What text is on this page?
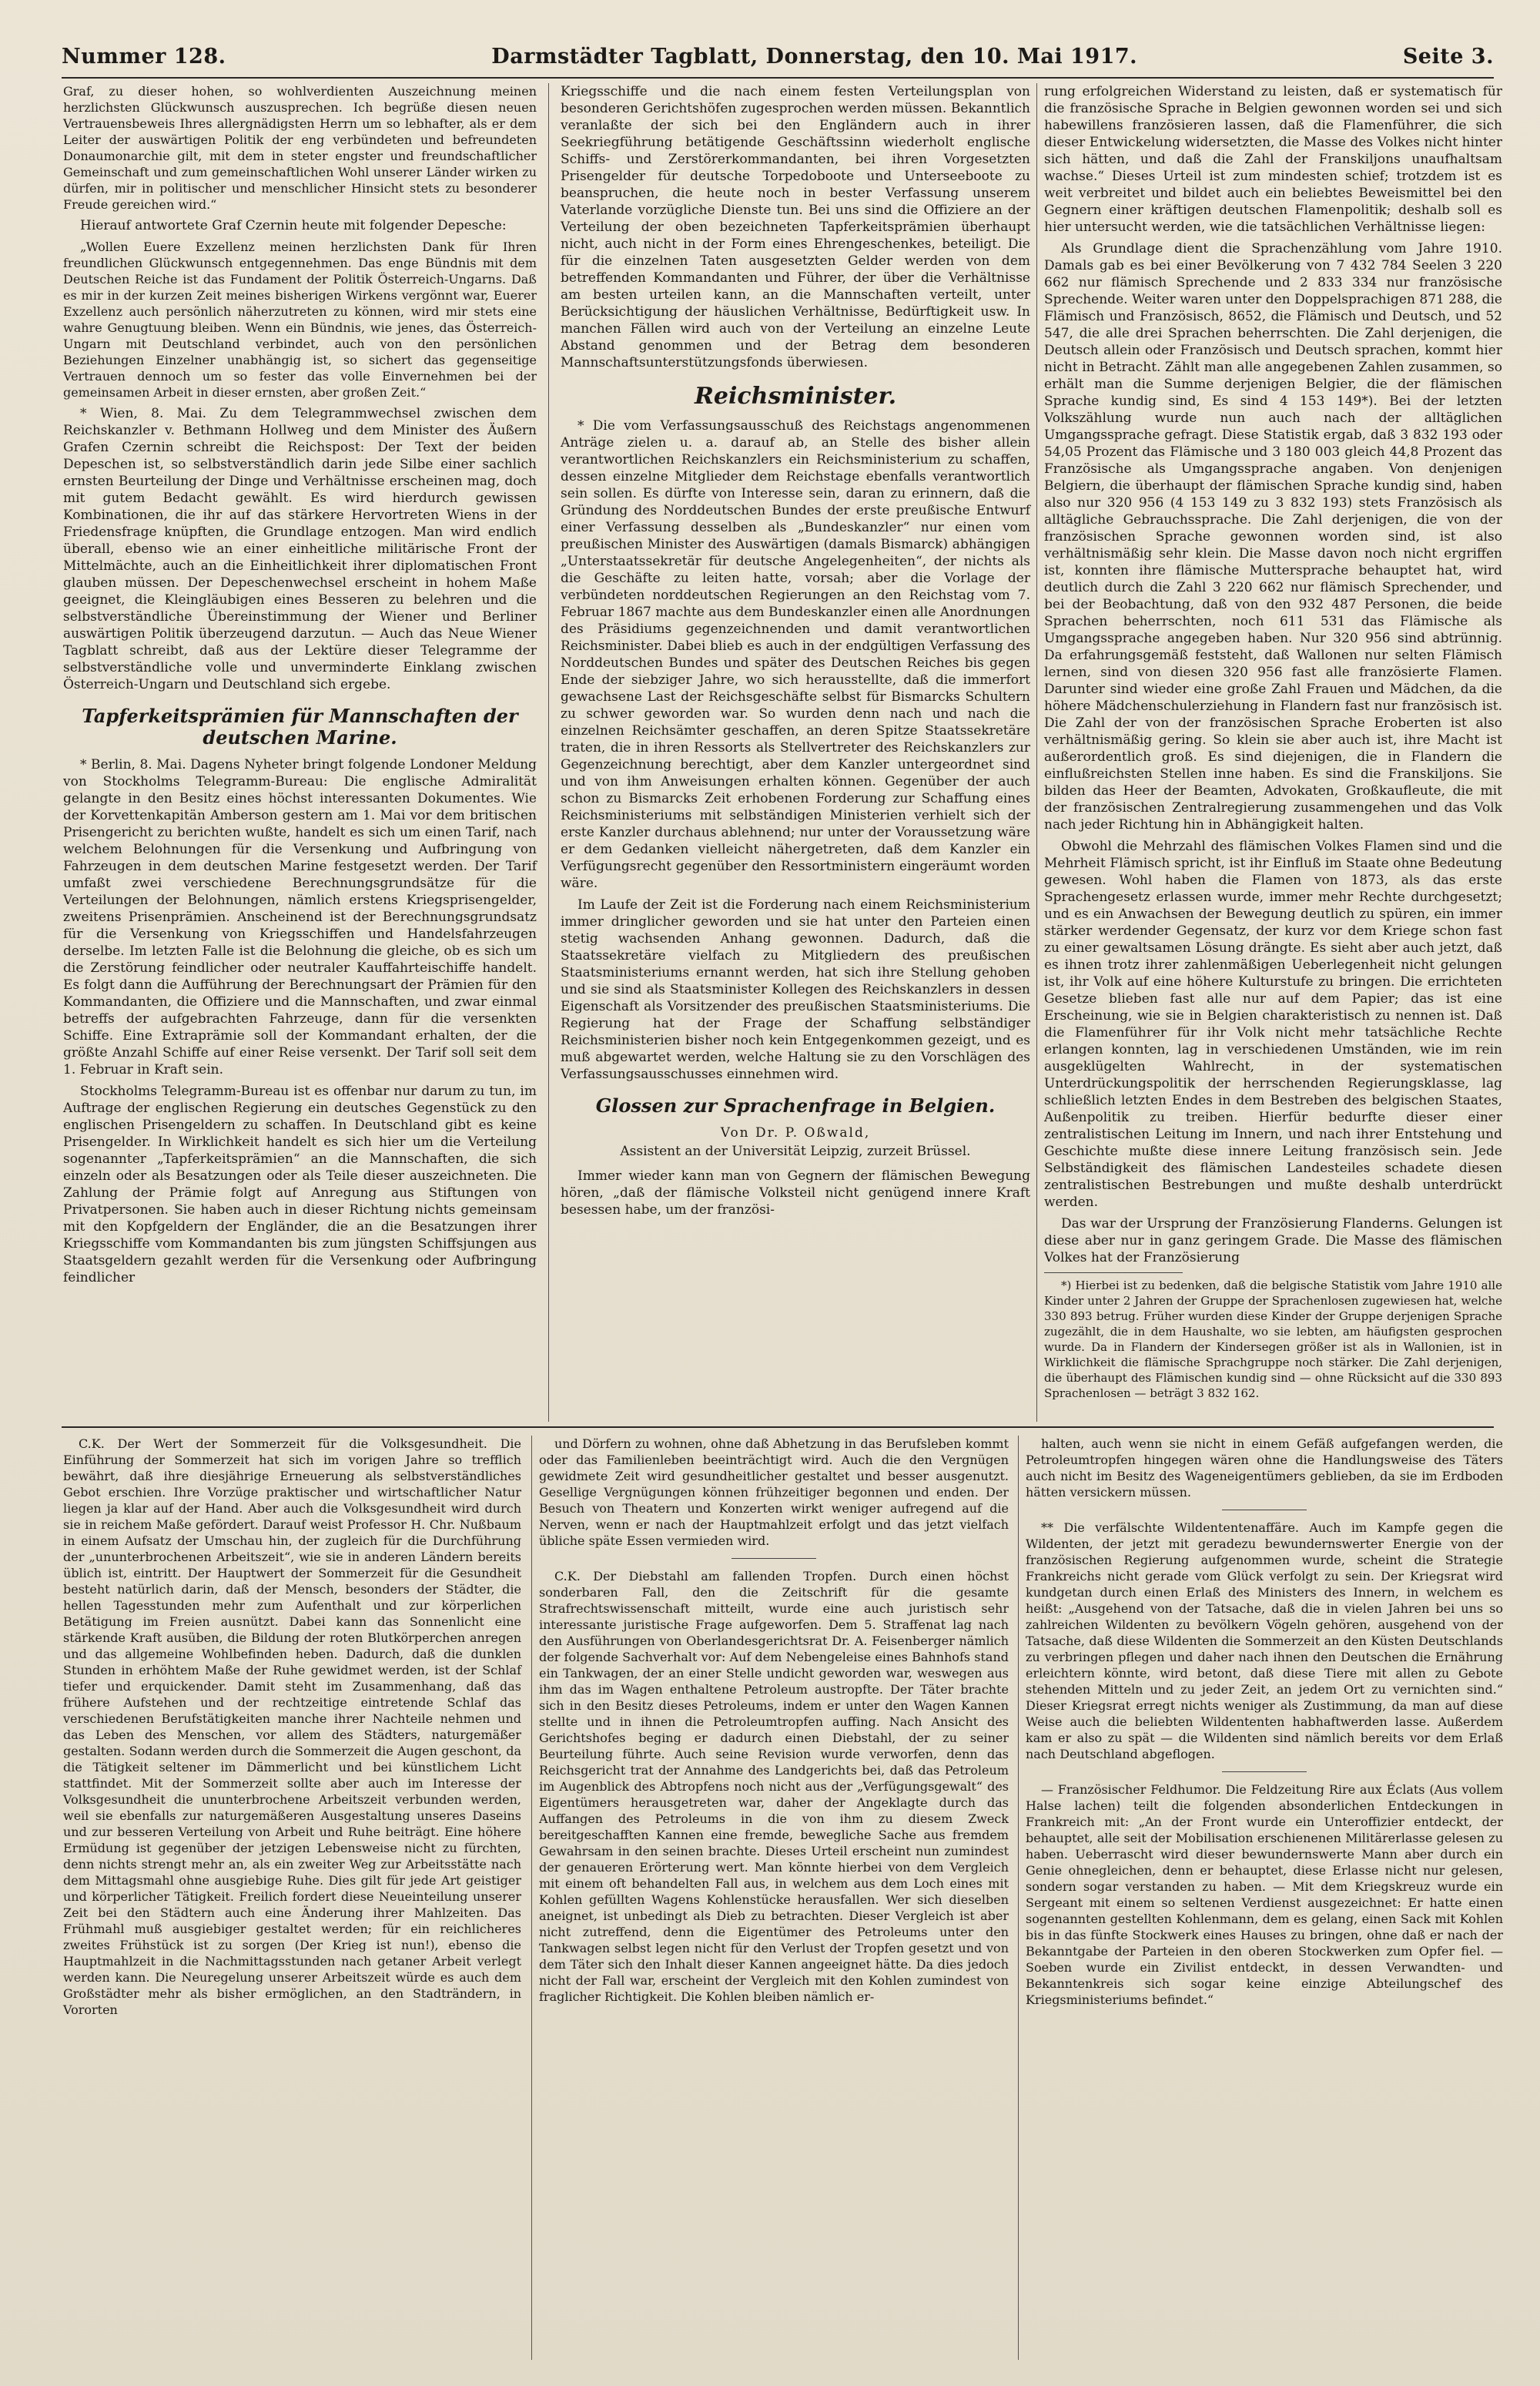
Nummer 128.	Darmstädter Tagblatt, Donnerstag, den 10. Mai 1917.	Seite 3.

Graf, zu dieser hohen, so wohlverdienten Auszeichnung meinen herzlichsten Glückwunsch auszusprechen. Ich begrüße diesen neuen Vertrauensbeweis Ihres allergnädigsten Herrn um so lebhafter, als er dem Leiter der auswärtigen Politik der eng verbündeten und befreundeten Donaumonarchie gilt, mit dem in steter engster und freundschaftlicher Gemeinschaft und zum gemeinschaftlichen Wohl unserer Länder wirken zu dürfen, mir in politischer und menschlicher Hinsicht stets zu besonderer Freude gereichen wird.“

Hierauf antwortete Graf Czernin heute mit folgender Depesche:

„Wollen Euere Exzellenz meinen herzlichsten Dank für Ihren freundlichen Glückwunsch entgegennehmen. Das enge Bündnis mit dem Deutschen Reiche ist das Fundament der Politik Österreich-Ungarns. Daß es mir in der kurzen Zeit meines bisherigen Wirkens vergönnt war, Euerer Exzellenz auch persönlich näherzutreten zu können, wird mir stets eine wahre Genugtuung bleiben. Wenn ein Bündnis, wie jenes, das Österreich-Ungarn mit Deutschland verbindet, auch von den persönlichen Beziehungen Einzelner unabhängig ist, so sichert das gegenseitige Vertrauen dennoch um so fester das volle Einvernehmen bei der gemeinsamen Arbeit in dieser ernsten, aber großen Zeit.“

* Wien, 8. Mai. Zu dem Telegrammwechsel zwischen dem Reichskanzler v. Bethmann Hollweg und dem Minister des Äußern Grafen Czernin schreibt die Reichspost: Der Text der beiden Depeschen ist, so selbstverständlich darin jede Silbe einer sachlich ernsten Beurteilung der Dinge und Verhältnisse erscheinen mag, doch mit gutem Bedacht gewählt. Es wird hierdurch gewissen Kombinationen, die ihr auf das stärkere Hervortreten Wiens in der Friedensfrage knüpften, die Grundlage entzogen. Man wird endlich überall, ebenso wie an einer einheitliche militärische Front der Mittelmächte, auch an die Einheitlichkeit ihrer diplomatischen Front glauben müssen. Der Depeschenwechsel erscheint in hohem Maße geeignet, die Kleingläubigen eines Besseren zu belehren und die selbstverständliche Übereinstimmung der Wiener und Berliner auswärtigen Politik überzeugend darzutun. — Auch das Neue Wiener Tagblatt schreibt, daß aus der Lektüre dieser Telegramme der selbstverständliche volle und unverminderte Einklang zwischen Österreich-Ungarn und Deutschland sich ergebe.

Tapferkeitsprämien für Mannschaften der deutschen Marine.

* Berlin, 8. Mai. Dagens Nyheter bringt folgende Londoner Meldung von Stockholms Telegramm-Bureau: Die englische Admiralität gelangte in den Besitz eines höchst interessanten Dokumentes. Wie der Korvettenkapitän Amberson gestern am 1. Mai vor dem britischen Prisengericht zu berichten wußte, handelt es sich um einen Tarif, nach welchem Belohnungen für die Versenkung und Aufbringung von Fahrzeugen in dem deutschen Marine festgesetzt werden. Der Tarif umfaßt zwei verschiedene Berechnungsgrundsätze für die Verteilungen der Belohnungen, nämlich erstens Kriegsprisengelder, zweitens Prisenprämien. Anscheinend ist der Berechnungsgrundsatz für die Versenkung von Kriegsschiffen und Handelsfahrzeugen derselbe. Im letzten Falle ist die Belohnung die gleiche, ob es sich um die Zerstörung feindlicher oder neutraler Kauffahrteischiffe handelt. Es folgt dann die Aufführung der Berechnungsart der Prämien für den Kommandanten, die Offiziere und die Mannschaften, und zwar einmal betreffs der aufgebrachten Fahrzeuge, dann für die versenkten Schiffe. Eine Extraprämie soll der Kommandant erhalten, der die größte Anzahl Schiffe auf einer Reise versenkt. Der Tarif soll seit dem 1. Februar in Kraft sein.

Stockholms Telegramm-Bureau ist es offenbar nur darum zu tun, im Auftrage der englischen Regierung ein deutsches Gegenstück zu den englischen Prisengeldern zu schaffen. In Deutschland gibt es keine Prisengelder. In Wirklichkeit handelt es sich hier um die Verteilung sogenannter „Tapferkeitsprämien“ an die Mannschaften, die sich einzeln oder als Besatzungen oder als Teile dieser auszeichneten. Die Zahlung der Prämie folgt auf Anregung aus Stiftungen von Privatpersonen. Sie haben auch in dieser Richtung nichts gemeinsam mit den Kopfgeldern der Engländer, die an die Besatzungen ihrer Kriegsschiffe vom Kommandanten bis zum jüngsten Schiffsjungen aus Staatsgeldern gezahlt werden für die Versenkung oder Aufbringung feindlicher

Kriegsschiffe und die nach einem festen Verteilungsplan von besonderen Gerichtshöfen zugesprochen werden müssen. Bekanntlich veranlaßte der sich bei den Engländern auch in ihrer Seekriegführung betätigende Geschäftssinn wiederholt englische Schiffs- und Zerstörerkommandanten, bei ihren Vorgesetzten Prisengelder für deutsche Torpedoboote und Unterseeboote zu beanspruchen, die heute noch in bester Verfassung unserem Vaterlande vorzügliche Dienste tun. Bei uns sind die Offiziere an der Verteilung der oben bezeichneten Tapferkeitsprämien überhaupt nicht, auch nicht in der Form eines Ehrengeschenkes, beteiligt. Die für die einzelnen Taten ausgesetzten Gelder werden von dem betreffenden Kommandanten und Führer, der über die Verhältnisse am besten urteilen kann, an die Mannschaften verteilt, unter Berücksichtigung der häuslichen Verhältnisse, Bedürftigkeit usw. In manchen Fällen wird auch von der Verteilung an einzelne Leute Abstand genommen und der Betrag dem besonderen Mannschaftsunterstützungsfonds überwiesen.

Reichsminister.

* Die vom Verfassungsausschuß des Reichstags angenommenen Anträge zielen u. a. darauf ab, an Stelle des bisher allein verantwortlichen Reichskanzlers ein Reichsministerium zu schaffen, dessen einzelne Mitglieder dem Reichstage ebenfalls verantwortlich sein sollen. Es dürfte von Interesse sein, daran zu erinnern, daß die Gründung des Norddeutschen Bundes der erste preußische Entwurf einer Verfassung desselben als „Bundeskanzler“ nur einen vom preußischen Minister des Auswärtigen (damals Bismarck) abhängigen „Unterstaatssekretär für deutsche Angelegenheiten“, der nichts als die Geschäfte zu leiten hatte, vorsah; aber die Vorlage der verbündeten norddeutschen Regierungen an den Reichstag vom 7. Februar 1867 machte aus dem Bundeskanzler einen alle Anordnungen des Präsidiums gegenzeichnenden und damit verantwortlichen Reichsminister. Dabei blieb es auch in der endgültigen Verfassung des Norddeutschen Bundes und später des Deutschen Reiches bis gegen Ende der siebziger Jahre, wo sich herausstellte, daß die immerfort gewachsene Last der Reichsgeschäfte selbst für Bismarcks Schultern zu schwer geworden war. So wurden denn nach und nach die einzelnen Reichsämter geschaffen, an deren Spitze Staatssekretäre traten, die in ihren Ressorts als Stellvertreter des Reichskanzlers zur Gegenzeichnung berechtigt, aber dem Kanzler untergeordnet sind und von ihm Anweisungen erhalten können. Gegenüber der auch schon zu Bismarcks Zeit erhobenen Forderung zur Schaffung eines Reichsministeriums mit selbständigen Ministerien verhielt sich der erste Kanzler durchaus ablehnend; nur unter der Voraussetzung wäre er dem Gedanken vielleicht nähergetreten, daß dem Kanzler ein Verfügungsrecht gegenüber den Ressortministern eingeräumt worden wäre.

Im Laufe der Zeit ist die Forderung nach einem Reichsministerium immer dringlicher geworden und sie hat unter den Parteien einen stetig wachsenden Anhang gewonnen. Dadurch, daß die Staatssekretäre vielfach zu Mitgliedern des preußischen Staatsministeriums ernannt werden, hat sich ihre Stellung gehoben und sie sind als Staatsminister Kollegen des Reichskanzlers in dessen Eigenschaft als Vorsitzender des preußischen Staatsministeriums. Die Regierung hat der Frage der Schaffung selbständiger Reichsministerien bisher noch kein Entgegenkommen gezeigt, und es muß abgewartet werden, welche Haltung sie zu den Vorschlägen des Verfassungsausschusses einnehmen wird.

Glossen zur Sprachenfrage in Belgien.

Von Dr. P. Oßwald,

Assistent an der Universität Leipzig, zurzeit Brüssel.

Immer wieder kann man von Gegnern der flämischen Bewegung hören, „daß der flämische Volksteil nicht genügend innere Kraft besessen habe, um der französi-

rung erfolgreichen Widerstand zu leisten, daß er systematisch für die französische Sprache in Belgien gewonnen worden sei und sich habewillens französieren lassen, daß die Flamenführer, die sich dieser Entwickelung widersetzten, die Masse des Volkes nicht hinter sich hätten, und daß die Zahl der Franskiljons unaufhaltsam wachse.“ Dieses Urteil ist zum mindesten schief; trotzdem ist es weit verbreitet und bildet auch ein beliebtes Beweismittel bei den Gegnern einer kräftigen deutschen Flamenpolitik; deshalb soll es hier untersucht werden, wie die tatsächlichen Verhältnisse liegen:

Als Grundlage dient die Sprachenzählung vom Jahre 1910. Damals gab es bei einer Bevölkerung von 7 432 784 Seelen 3 220 662 nur flämisch Sprechende und 2 833 334 nur französische Sprechende. Weiter waren unter den Doppelsprachigen 871 288, die Flämisch und Französisch, 8652, die Flämisch und Deutsch, und 52 547, die alle drei Sprachen beherrschten. Die Zahl derjenigen, die Deutsch allein oder Französisch und Deutsch sprachen, kommt hier nicht in Betracht. Zählt man alle angegebenen Zahlen zusammen, so erhält man die Summe derjenigen Belgier, die der flämischen Sprache kundig sind, Es sind 4 153 149*). Bei der letzten Volkszählung wurde nun auch nach der alltäglichen Umgangssprache gefragt. Diese Statistik ergab, daß 3 832 193 oder 54,05 Prozent das Flämische und 3 180 003 gleich 44,8 Prozent das Französische als Umgangssprache angaben. Von denjenigen Belgiern, die überhaupt der flämischen Sprache kundig sind, haben also nur 320 956 (4 153 149 zu 3 832 193) stets Französisch als alltägliche Gebrauchssprache. Die Zahl derjenigen, die von der französischen Sprache gewonnen worden sind, ist also verhältnismäßig sehr klein. Die Masse davon noch nicht ergriffen ist, konnten ihre flämische Muttersprache behauptet hat, wird deutlich durch die Zahl 3 220 662 nur flämisch Sprechender, und bei der Beobachtung, daß von den 932 487 Personen, die beide Sprachen beherrschten, noch 611 531 das Flämische als Umgangssprache angegeben haben. Nur 320 956 sind abtrünnig. Da erfahrungsgemäß feststeht, daß Wallonen nur selten Flämisch lernen, sind von diesen 320 956 fast alle französierte Flamen. Darunter sind wieder eine große Zahl Frauen und Mädchen, da die höhere Mädchenschulerziehung in Flandern fast nur französisch ist. Die Zahl der von der französischen Sprache Eroberten ist also verhältnismäßig gering. So klein sie aber auch ist, ihre Macht ist außerordentlich groß. Es sind diejenigen, die in Flandern die einflußreichsten Stellen inne haben. Es sind die Franskiljons. Sie bilden das Heer der Beamten, Advokaten, Großkaufleute, die mit der französischen Zentralregierung zusammengehen und das Volk nach jeder Richtung hin in Abhängigkeit halten.

Obwohl die Mehrzahl des flämischen Volkes Flamen sind und die Mehrheit Flämisch spricht, ist ihr Einfluß im Staate ohne Bedeutung gewesen. Wohl haben die Flamen von 1873, als das erste Sprachengesetz erlassen wurde, immer mehr Rechte durchgesetzt; und es ein Anwachsen der Bewegung deutlich zu spüren, ein immer stärker werdender Gegensatz, der kurz vor dem Kriege schon fast zu einer gewaltsamen Lösung drängte. Es sieht aber auch jetzt, daß es ihnen trotz ihrer zahlenmäßigen Ueberlegenheit nicht gelungen ist, ihr Volk auf eine höhere Kulturstufe zu bringen. Die errichteten Gesetze blieben fast alle nur auf dem Papier; das ist eine Erscheinung, wie sie in Belgien charakteristisch zu nennen ist. Daß die Flamenführer für ihr Volk nicht mehr tatsächliche Rechte erlangen konnten, lag in verschiedenen Umständen, wie im rein ausgeklügelten Wahlrecht, in der systematischen Unterdrückungspolitik der herrschenden Regierungsklasse, lag schließlich letzten Endes in dem Bestreben des belgischen Staates, Außenpolitik zu treiben. Hierfür bedurfte dieser einer zentralistischen Leitung im Innern, und nach ihrer Entstehung und Geschichte mußte diese innere Leitung französisch sein. Jede Selbständigkeit des flämischen Landesteiles schadete diesen zentralistischen Bestrebungen und mußte deshalb unterdrückt werden.

Das war der Ursprung der Französierung Flanderns. Gelungen ist diese aber nur in ganz geringem Grade. Die Masse des flämischen Volkes hat der Französierung

*) Hierbei ist zu bedenken, daß die belgische Statistik vom Jahre 1910 alle Kinder unter 2 Jahren der Gruppe der Sprachenlosen zugewiesen hat, welche 330 893 betrug. Früher wurden diese Kinder der Gruppe derjenigen Sprache zugezählt, die in dem Haushalte, wo sie lebten, am häufigsten gesprochen wurde. Da in Flandern der Kindersegen größer ist als in Wallonien, ist in Wirklichkeit die flämische Sprachgruppe noch stärker. Die Zahl derjenigen, die überhaupt des Flämischen kundig sind — ohne Rücksicht auf die 330 893 Sprachenlosen — beträgt 3 832 162.

C.K. Der Wert der Sommerzeit für die Volksgesundheit. Die Einführung der Sommerzeit hat sich im vorigen Jahre so trefflich bewährt, daß ihre diesjährige Erneuerung als selbstverständliches Gebot erschien. Ihre Vorzüge praktischer und wirtschaftlicher Natur liegen ja klar auf der Hand. Aber auch die Volksgesundheit wird durch sie in reichem Maße gefördert. Darauf weist Professor H. Chr. Nußbaum in einem Aufsatz der Umschau hin, der zugleich für die Durchführung der „ununterbrochenen Arbeitszeit“, wie sie in anderen Ländern bereits üblich ist, eintritt. Der Hauptwert der Sommerzeit für die Gesundheit besteht natürlich darin, daß der Mensch, besonders der Städter, die hellen Tagesstunden mehr zum Aufenthalt und zur körperlichen Betätigung im Freien ausnützt. Dabei kann das Sonnenlicht eine stärkende Kraft ausüben, die Bildung der roten Blutkörperchen anregen und das allgemeine Wohlbefinden heben. Dadurch, daß die dunklen Stunden in erhöhtem Maße der Ruhe gewidmet werden, ist der Schlaf tiefer und erquickender. Damit steht im Zusammenhang, daß das frühere Aufstehen und der rechtzeitige eintretende Schlaf das verschiedenen Berufstätigkeiten manche ihrer Nachteile nehmen und das Leben des Menschen, vor allem des Städters, naturgemäßer gestalten. Sodann werden durch die Sommerzeit die Augen geschont, da die Tätigkeit seltener im Dämmerlicht und bei künstlichem Licht stattfindet. Mit der Sommerzeit sollte aber auch im Interesse der Volksgesundheit die ununterbrochene Arbeitszeit verbunden werden, weil sie ebenfalls zur naturgemäßeren Ausgestaltung unseres Daseins und zur besseren Verteilung von Arbeit und Ruhe beiträgt. Eine höhere Ermüdung ist gegenüber der jetzigen Lebensweise nicht zu fürchten, denn nichts strengt mehr an, als ein zweiter Weg zur Arbeitsstätte nach dem Mittagsmahl ohne ausgiebige Ruhe. Dies gilt für jede Art geistiger und körperlicher Tätigkeit. Freilich fordert diese Neueinteilung unserer Zeit bei den Städtern auch eine Änderung ihrer Mahlzeiten. Das Frühmahl muß ausgiebiger gestaltet werden; für ein reichlicheres zweites Frühstück ist zu sorgen (Der Krieg ist nun!), ebenso die Hauptmahlzeit in die Nachmittagsstunden nach getaner Arbeit verlegt werden kann. Die Neuregelung unserer Arbeitszeit würde es auch dem Großstädter mehr als bisher ermöglichen, an den Stadträndern, in Vororten

und Dörfern zu wohnen, ohne daß Abhetzung in das Berufsleben kommt oder das Familienleben beeinträchtigt wird. Auch die den Vergnügen gewidmete Zeit wird gesundheitlicher gestaltet und besser ausgenutzt. Gesellige Vergnügungen können frühzeitiger begonnen und enden. Der Besuch von Theatern und Konzerten wirkt weniger aufregend auf die Nerven, wenn er nach der Hauptmahlzeit erfolgt und das jetzt vielfach übliche späte Essen vermieden wird.

C.K. Der Diebstahl am fallenden Tropfen. Durch einen höchst sonderbaren Fall, den die Zeitschrift für die gesamte Strafrechtswissenschaft mitteilt, wurde eine auch juristisch sehr interessante juristische Frage aufgeworfen. Dem 5. Straffenat lag nach den Ausführungen von Oberlandesgerichtsrat Dr. A. Feisenberger nämlich der folgende Sachverhalt vor: Auf dem Nebengeleise eines Bahnhofs stand ein Tankwagen, der an einer Stelle undicht geworden war, weswegen aus ihm das im Wagen enthaltene Petroleum austropfte. Der Täter brachte sich in den Besitz dieses Petroleums, indem er unter den Wagen Kannen stellte und in ihnen die Petroleumtropfen auffing. Nach Ansicht des Gerichtshofes beging er dadurch einen Diebstahl, der zu seiner Beurteilung führte. Auch seine Revision wurde verworfen, denn das Reichsgericht trat der Annahme des Landgerichts bei, daß das Petroleum im Augenblick des Abtropfens noch nicht aus der „Verfügungsgewalt“ des Eigentümers herausgetreten war, daher der Angeklagte durch das Auffangen des Petroleums in die von ihm zu diesem Zweck bereitgeschafften Kannen eine fremde, bewegliche Sache aus fremdem Gewahrsam in den seinen brachte. Dieses Urteil erscheint nun zumindest der genaueren Erörterung wert. Man könnte hierbei von dem Vergleich mit einem oft behandelten Fall aus, in welchem aus dem Loch eines mit Kohlen gefüllten Wagens Kohlenstücke herausfallen. Wer sich dieselben aneignet, ist unbedingt als Dieb zu betrachten. Dieser Vergleich ist aber nicht zutreffend, denn die Eigentümer des Petroleums unter den Tankwagen selbst legen nicht für den Verlust der Tropfen gesetzt und von dem Täter sich den Inhalt dieser Kannen angeeignet hätte. Da dies jedoch nicht der Fall war, erscheint der Vergleich mit den Kohlen zumindest von fraglicher Richtigkeit. Die Kohlen bleiben nämlich er-

halten, auch wenn sie nicht in einem Gefäß aufgefangen werden, die Petroleumtropfen hingegen wären ohne die Handlungsweise des Täters auch nicht im Besitz des Wageneigentümers geblieben, da sie im Erdboden hätten versickern müssen.

** Die verfälschte Wildententenaffäre. Auch im Kampfe gegen die Wildenten, der jetzt mit geradezu bewundernswerter Energie von der französischen Regierung aufgenommen wurde, scheint die Strategie Frankreichs nicht gerade vom Glück verfolgt zu sein. Der Kriegsrat wird kundgetan durch einen Erlaß des Ministers des Innern, in welchem es heißt: „Ausgehend von der Tatsache, daß die in vielen Jahren bei uns so zahlreichen Wildenten zu bevölkern Vögeln gehören, ausgehend von der Tatsache, daß diese Wildenten die Sommerzeit an den Küsten Deutschlands zu verbringen pflegen und daher nach ihnen den Deutschen die Ernährung erleichtern könnte, wird betont, daß diese Tiere mit allen zu Gebote stehenden Mitteln und zu jeder Zeit, an jedem Ort zu vernichten sind.“ Dieser Kriegsrat erregt nichts weniger als Zustimmung, da man auf diese Weise auch die beliebten Wildententen habhaftwerden lasse. Außerdem kam er also zu spät — die Wildenten sind nämlich bereits vor dem Erlaß nach Deutschland abgeflogen.

— Französischer Feldhumor. Die Feldzeitung Rire aux Éclats (Aus vollem Halse lachen) teilt die folgenden absonderlichen Entdeckungen in Frankreich mit: „An der Front wurde ein Unteroffizier entdeckt, der behauptet, alle seit der Mobilisation erschienenen Militärerlasse gelesen zu haben. Ueberrascht wird dieser bewundernswerte Mann aber durch ein Genie ohnegleichen, denn er behauptet, diese Erlasse nicht nur gelesen, sondern sogar verstanden zu haben. — Mit dem Kriegskreuz wurde ein Sergeant mit einem so seltenen Verdienst ausgezeichnet: Er hatte einen sogenannten gestellten Kohlenmann, dem es gelang, einen Sack mit Kohlen bis in das fünfte Stockwerk eines Hauses zu bringen, ohne daß er nach der Bekanntgabe der Parteien in den oberen Stockwerken zum Opfer fiel. — Soeben wurde ein Zivilist entdeckt, in dessen Verwandten- und Bekanntenkreis sich sogar keine einzige Abteilungschef des Kriegsministeriums befindet.“
